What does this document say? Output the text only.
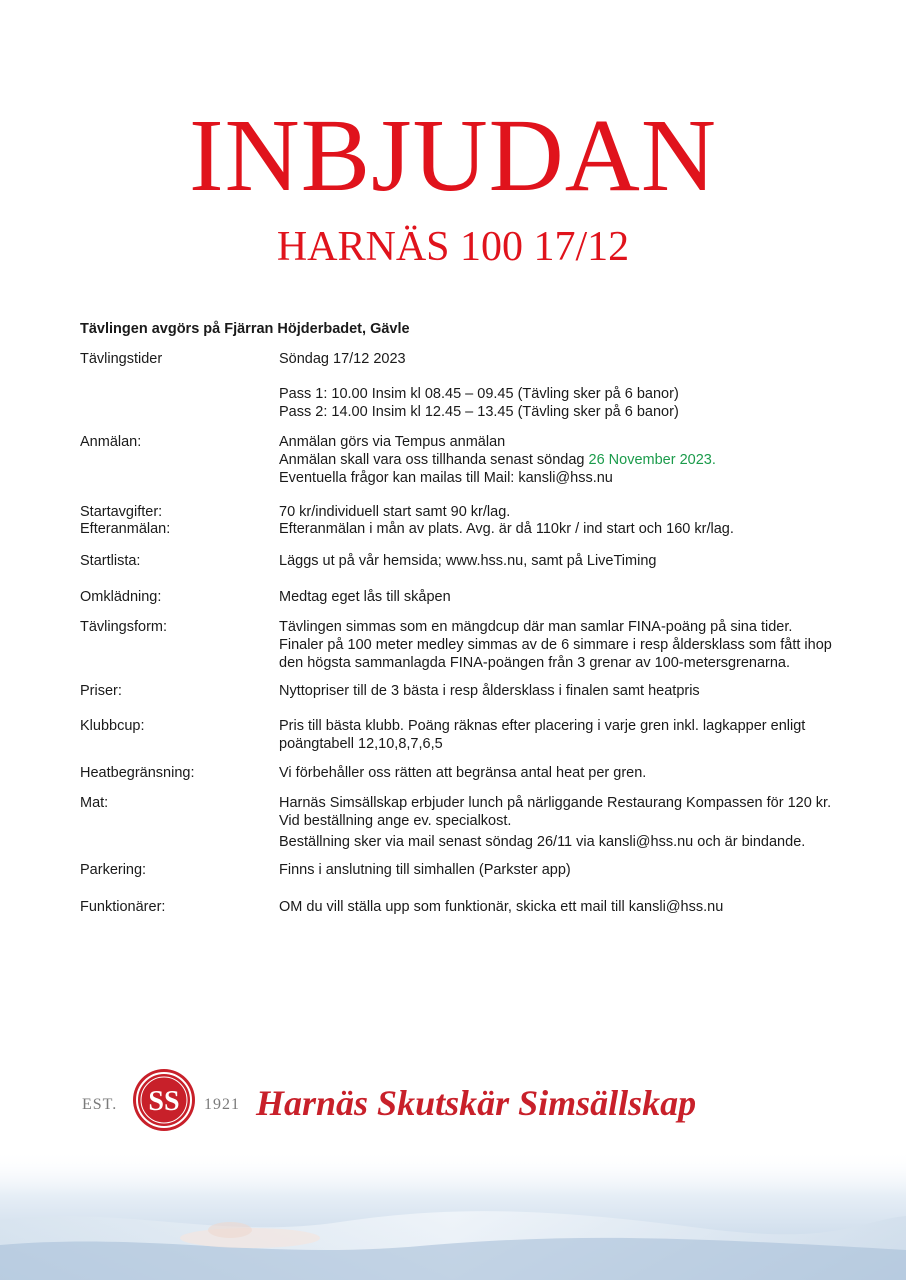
INBJUDAN
HARNÄS 100 17/12
Tävlingen avgörs på Fjärran Höjderbadet, Gävle
Tävlingstider	Söndag 17/12 2023
Pass 1: 10.00 Insim kl 08.45 – 09.45 (Tävling sker på 6 banor)
Pass 2: 14.00 Insim kl 12.45 – 13.45 (Tävling sker på 6 banor)
Anmälan:	Anmälan görs via Tempus anmälan
Anmälan skall vara oss tillhanda senast söndag 26 November 2023.
Eventuella frågor kan mailas till Mail: kansli@hss.nu
Startavgifter:	70 kr/individuell start samt 90 kr/lag.
Efteranmälan:	Efteranmälan i mån av plats. Avg. är då 110kr / ind start och 160 kr/lag.
Startlista:	Läggs ut på vår hemsida; www.hss.nu, samt på LiveTiming
Omklädning:	Medtag eget lås till skåpen
Tävlingsform:	Tävlingen simmas som en mängdcup där man samlar FINA-poäng på sina tider.
Finaler på 100 meter medley simmas av de 6 simmare i resp åldersklass som fått ihop
den högsta sammanlagda FINA-poängen från 3 grenar av 100-metersgrenarna.
Priser:	Nyttopriser till de 3 bästa i resp åldersklass i finalen samt heatpris
Klubbcup:	Pris till bästa klubb. Poäng räknas efter placering i varje gren inkl. lagkapper enligt
poängtabell 12,10,8,7,6,5
Heatbegränsning:	Vi förbehåller oss rätten att begränsa antal heat per gren.
Mat:	Harnäs Simsällskap erbjuder lunch på närliggande Restaurang Kompassen för 120 kr.
Vid beställning ange ev. specialkost.
Beställning sker via mail senast söndag 26/11 via kansli@hss.nu och är bindande.
Parkering:	Finns i anslutning till simhallen (Parkster app)
Funktionärer:	OM du vill ställa upp som funktionär, skicka ett mail till kansli@hss.nu
EST. SS 1921 Harnäs Skutskär Simsällskap
